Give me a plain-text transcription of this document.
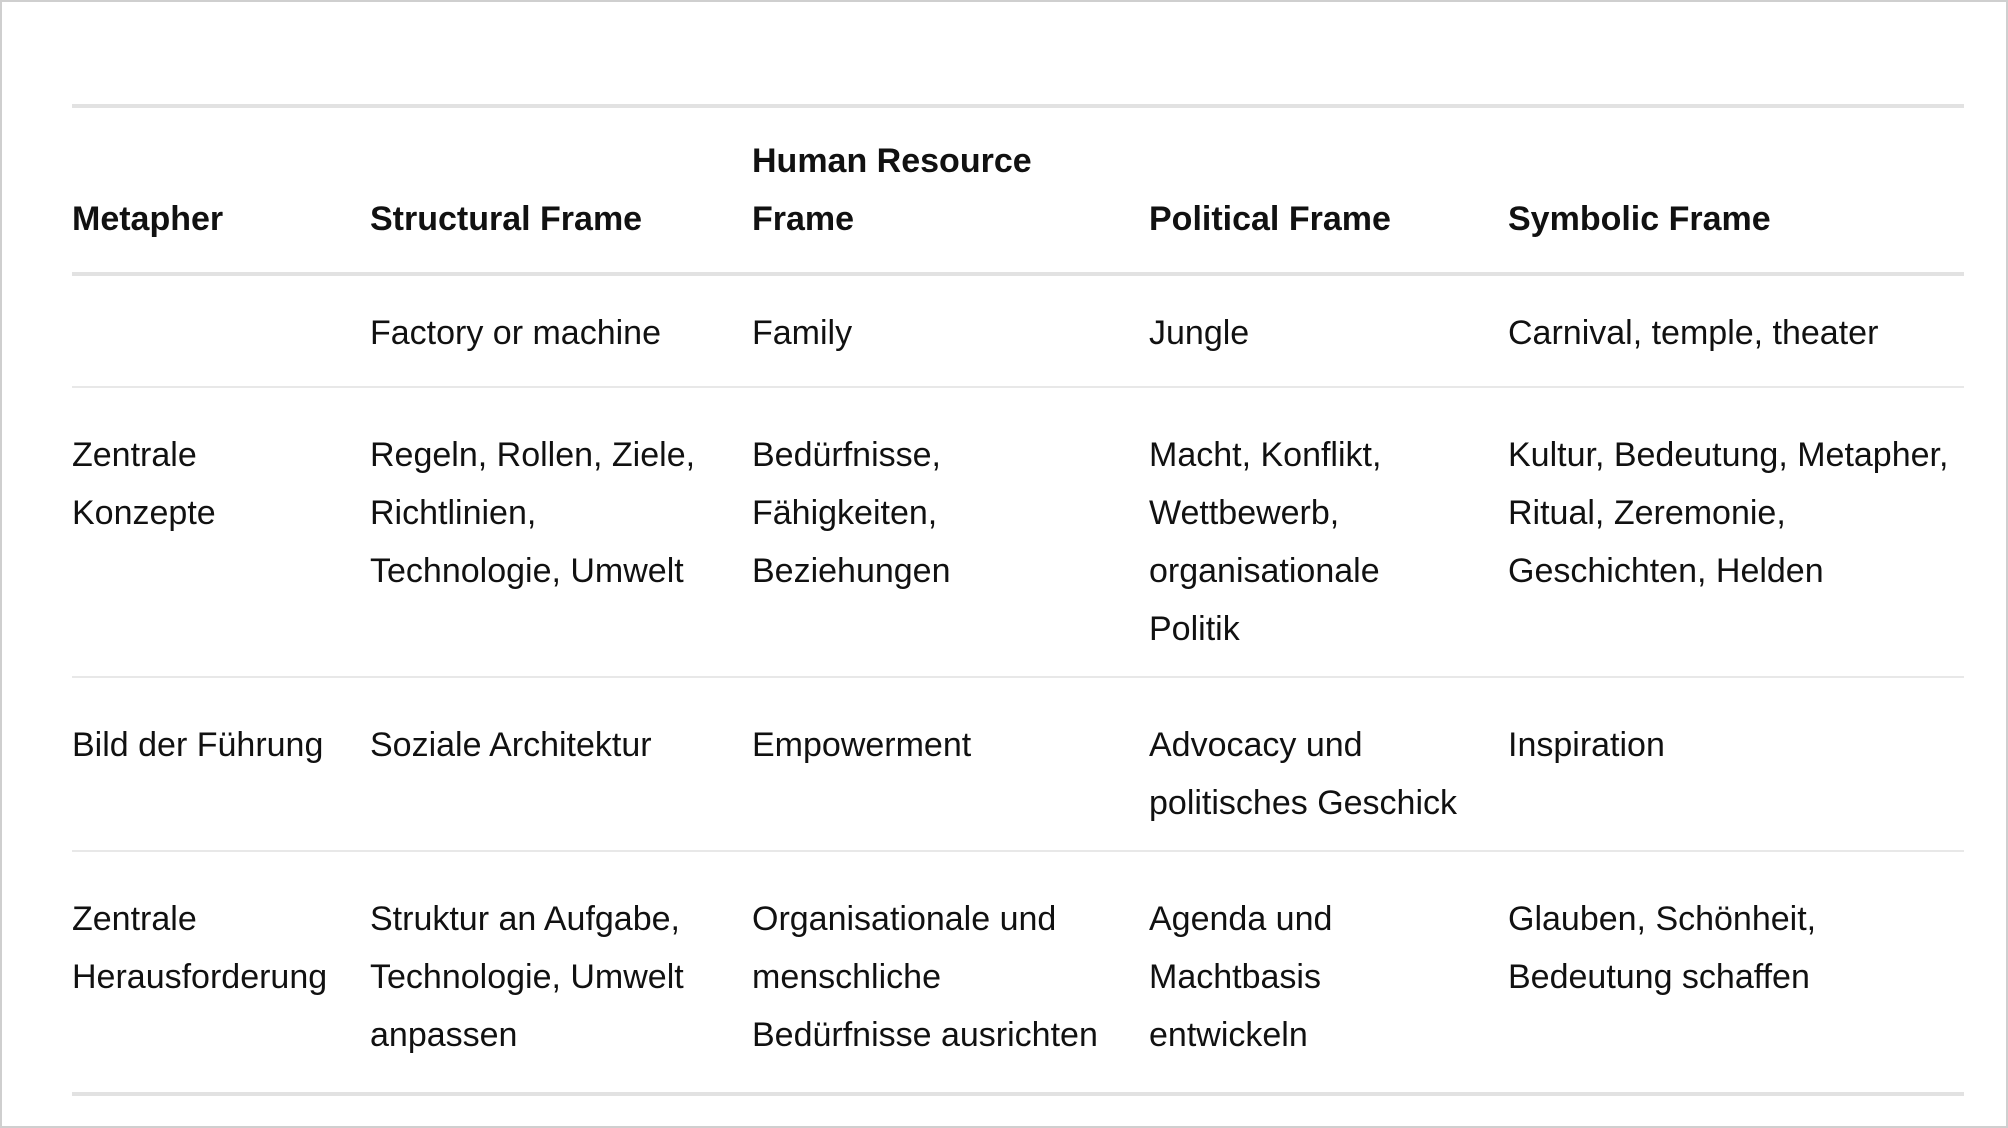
Metapher	Structural Frame	Human Resource Frame	Political Frame	Symbolic Frame
	Factory or machine	Family	Jungle	Carnival, temple, theater
Zentrale Konzepte	Regeln, Rollen, Ziele, Richtlinien, Technologie, Umwelt	Bedürfnisse, Fähigkeiten, Beziehungen	Macht, Konflikt, Wettbewerb, organisationale Politik	Kultur, Bedeutung, Metapher, Ritual, Zeremonie, Geschichten, Helden
Bild der Führung	Soziale Architektur	Empowerment	Advocacy und politisches Geschick	Inspiration
Zentrale Herausforderung	Struktur an Aufgabe, Technologie, Umwelt anpassen	Organisationale und menschliche Bedürfnisse ausrichten	Agenda und Machtbasis entwickeln	Glauben, Schönheit, Bedeutung schaffen
